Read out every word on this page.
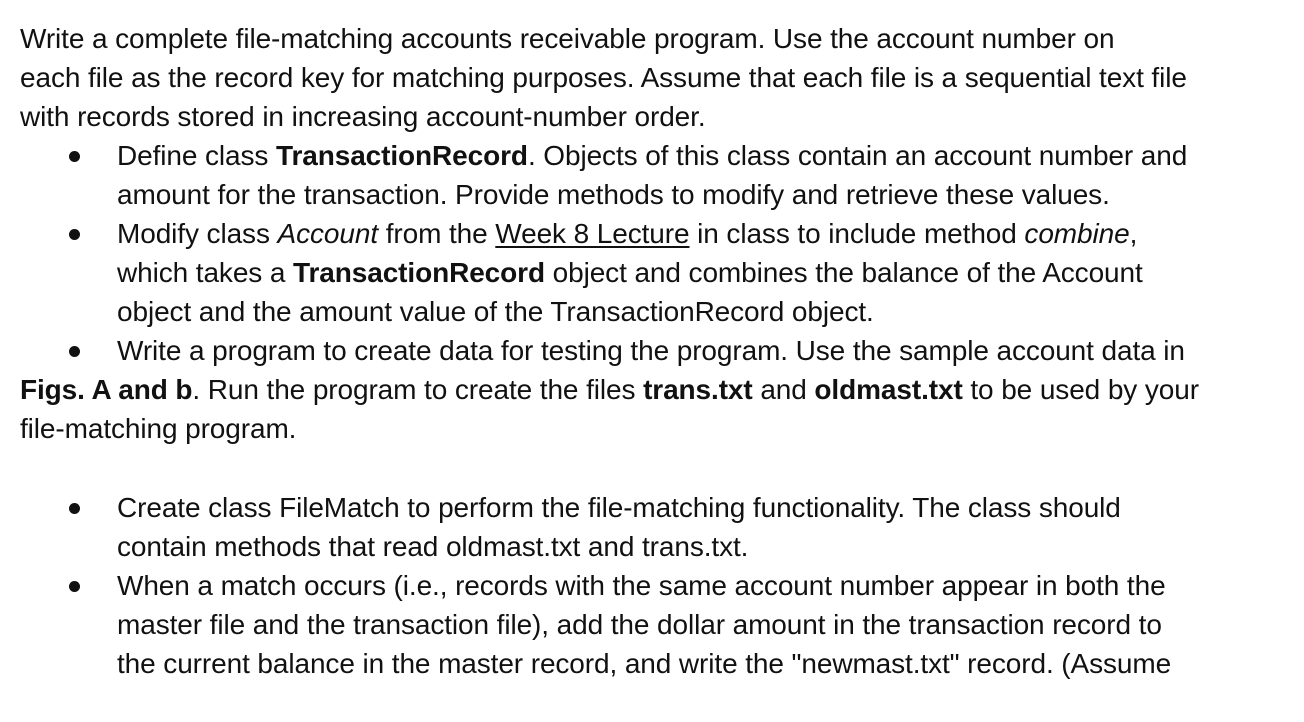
Write a complete file-matching accounts receivable program. Use the account number on
each file as the record key for matching purposes. Assume that each file is a sequential text file
with records stored in increasing account-number order.

Define class TransactionRecord. Objects of this class contain an account number and
amount for the transaction. Provide methods to modify and retrieve these values.
Modify class Account from the Week 8 Lecture in class to include method combine,
which takes a TransactionRecord object and combines the balance of the Account
object and the amount value of the TransactionRecord object.
Write a program to create data for testing the program. Use the sample account data in
Figs. A and b. Run the program to create the files trans.txt and oldmast.txt to be used by your
file-matching program.
Create class FileMatch to perform the file-matching functionality. The class should
contain methods that read oldmast.txt and trans.txt.
When a match occurs (i.e., records with the same account number appear in both the
master file and the transaction file), add the dollar amount in the transaction record to
the current balance in the master record, and write the "newmast.txt" record. (Assume
